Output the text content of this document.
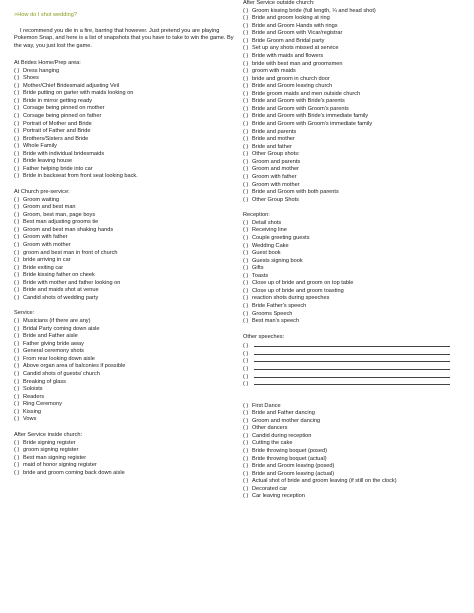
>How do I shot wedding?

I recommend you die in a fire, barring that however. Just pretend you are playing Pokemon Snap, and here is a list of snapshots that you have to take to win the game. By the way, you just lost the game.

At Brides Home/Prep area:
( ) Dress hanging
( ) Shoes
( ) Mother/Chief Bridesmaid adjusting Veil
( ) Bride putting on garter with maids looking on
( ) Bride in mirror getting ready
( ) Corsage being pinned on mother
( ) Corsage being pinned on father
( ) Portrait of Mother and Bride
( ) Portrait of Father and Bride
( ) Brothers/Sisters and Bride
( ) Whole Family
( ) Bride with individual bridesmaids
( ) Bride leaving house
( ) Father helping bride into car
( ) Bride in backseat from front seat looking back.
At Church pre-service:
( ) Groom waiting
( ) Groom and best man
( ) Groom, best man, page boys
( ) Best man adjusting grooms tie
( ) Groom and best man shaking hands
( ) Groom with father
( ) Groom with mother
( ) groom and best man in front of church
( ) bride arriving in car
( ) Bride exiting car
( ) Bride kissing father on cheek
( ) Bride with mother and father looking on
( ) Bride and maids shot at venue
( ) Candid shots of wedding party
Service:
( ) Musicians (if there are any)
( ) Bridal Party coming down aisle
( ) Bride and Father aisle
( ) Father giving bride away
( ) General ceremony shots
( ) From rear looking down aisle
( ) Above organ area of balconies if possible
( ) Candid shots of guests/ church
( ) Breaking of glass
( ) Soloists
( ) Readers
( ) Ring Ceremony
( ) Kissing
( ) Vows
After Service inside church:
( ) Bride signing register
( ) groom signing register
( ) Best man signing register
( ) maid of honor signing register
( ) bride and groom coming back down aisle
After Service outside church:
( ) Groom kissing bride (full length, ¼ and head shot)
( ) Bride and groom looking at ring
( ) Bride and Groom Hands with rings
( ) Bride and Groom with Vicar/registrar
( ) Bride Groom and Bridal party
( ) Set up any shots missed at service
( ) Bride with maids and flowers
( ) bride with best man and groomsmen
( ) groom with maids
( ) bride and groom in church door
( ) Bride and Groom leaving church
( ) Bride groom maids and men outside church
( ) Bride and Groom with Bride's parents
( ) Bride and Groom with Groom's parents
( ) Bride and Groom with Bride's immediate family
( ) Bride and Groom with Groom's immediate family
( ) Bride and parents
( ) Bride and mother
( ) Bride and father
( ) Other Group shots:
( ) Groom and parents
( ) Groom and mother
( ) Groom with father
( ) Groom with mother
( ) Bride and Groom with both parents
( ) Other Group Shots
Reception:
( ) Detail shots
( ) Receiving line
( ) Couple greeting guests
( ) Wedding Cake
( ) Guest book
( ) Guests signing book
( ) Gifts
( ) Toasts
( ) Close up of bride and groom on top table
( ) Close up of bride and groom toasting
( ) reaction shots during speeches
( ) Bride Father's speech
( ) Grooms Speech
( ) Best man's speech
Other speeches:
( )
( )
( )
( )
( )
( )
( ) First Dance
( ) Bride and Father dancing
( ) Groom and mother dancing
( ) Other dancers
( ) Candid during reception
( ) Cutting the cake
( ) Bride throwing boquet (posed)
( ) Bride throwing boquet (actual)
( ) Bride and Groom leaving (posed)
( ) Bride and Groom leaving (actual)
( ) Actual shot of bride and groom leaving (if still on the clock)
( ) Decorated car
( ) Car leaving reception
